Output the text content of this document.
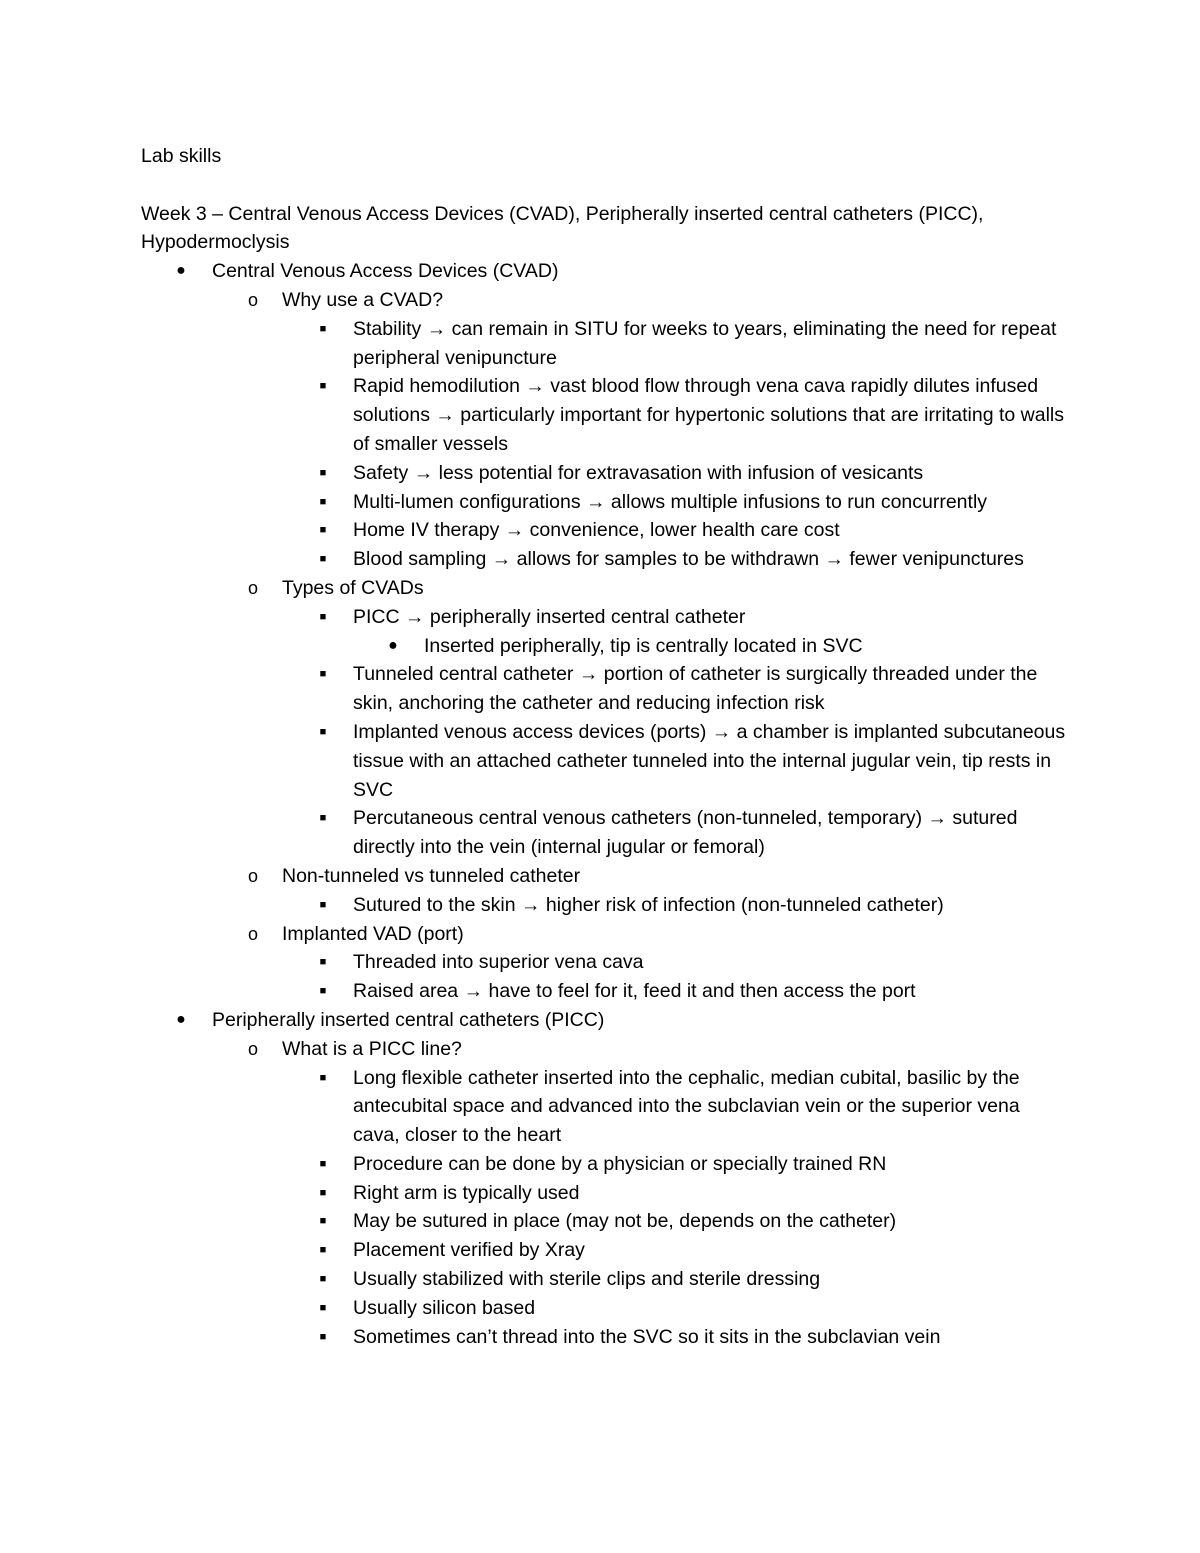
Lab skills

Week 3 – Central Venous Access Devices (CVAD), Peripherally inserted central catheters (PICC), Hypodermoclysis

● Central Venous Access Devices (CVAD)
o Why use a CVAD?
■	Stability → can remain in SITU for weeks to years, eliminating the need for repeat peripheral venipuncture
■	Rapid hemodilution → vast blood flow through vena cava rapidly dilutes infused solutions → particularly important for hypertonic solutions that are irritating to walls of smaller vessels
■	Safety → less potential for extravasation with infusion of vesicants
■	Multi-lumen configurations → allows multiple infusions to run concurrently
■	Home IV therapy → convenience, lower health care cost
■	Blood sampling → allows for samples to be withdrawn → fewer venipunctures
o Types of CVADs
■	PICC → peripherally inserted central catheter
● Inserted peripherally, tip is centrally located in SVC
■	Tunneled central catheter → portion of catheter is surgically threaded under the skin, anchoring the catheter and reducing infection risk
■	Implanted venous access devices (ports) → a chamber is implanted subcutaneous tissue with an attached catheter tunneled into the internal jugular vein, tip rests in SVC
■	Percutaneous central venous catheters (non-tunneled, temporary) → sutured directly into the vein (internal jugular or femoral)
o Non-tunneled vs tunneled catheter
■	Sutured to the skin → higher risk of infection (non-tunneled catheter)
o Implanted VAD (port)
■	Threaded into superior vena cava
■	Raised area → have to feel for it, feed it and then access the port
● Peripherally inserted central catheters (PICC)
o What is a PICC line?
■	Long flexible catheter inserted into the cephalic, median cubital, basilic by the antecubital space and advanced into the subclavian vein or the superior vena cava, closer to the heart
■	Procedure can be done by a physician or specially trained RN
■	Right arm is typically used
■	May be sutured in place (may not be, depends on the catheter)
■	Placement verified by Xray
■	Usually stabilized with sterile clips and sterile dressing
■	Usually silicon based
■	Sometimes can’t thread into the SVC so it sits in the subclavian vein
